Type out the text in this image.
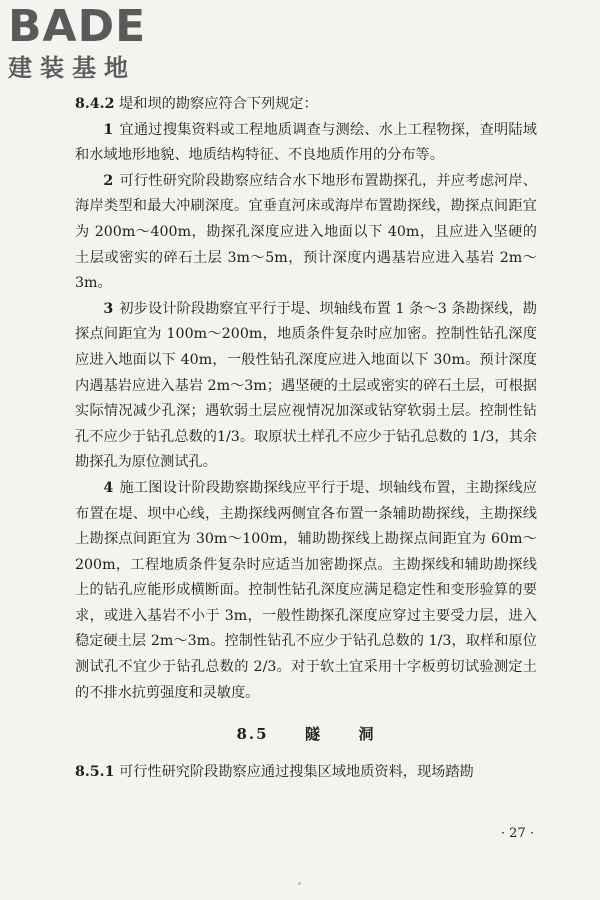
BADE
建装基地

8.4.2 堤和坝的勘察应符合下列规定：

1 宜通过搜集资料或工程地质调查与测绘、水上工程物探，查明陆域和水域地形地貌、地质结构特征、不良地质作用的分布等。

2 可行性研究阶段勘察应结合水下地形布置勘探孔，并应考虑河岸、海岸类型和最大冲刷深度。宜垂直河床或海岸布置勘探线，勘探点间距宜为 200m～400m，勘探孔深度应进入地面以下 40m，且应进入坚硬的土层或密实的碎石土层 3m～5m，预计深度内遇基岩应进入基岩 2m～3m。

3 初步设计阶段勘察宜平行于堤、坝轴线布置 1 条～3 条勘探线，勘探点间距宜为 100m～200m，地质条件复杂时应加密。控制性钻孔深度应进入地面以下 40m，一般性钻孔深度应进入地面以下 30m。预计深度内遇基岩应进入基岩 2m～3m；遇坚硬的土层或密实的碎石土层，可根据实际情况减少孔深；遇软弱土层应视情况加深或钻穿软弱土层。控制性钻孔不应少于钻孔总数的1/3。取原状土样孔不应少于钻孔总数的 1/3，其余勘探孔为原位测试孔。

4 施工图设计阶段勘察勘探线应平行于堤、坝轴线布置，主勘探线应布置在堤、坝中心线，主勘探线两侧宜各布置一条辅助勘探线，主勘探线上勘探点间距宜为 30m～100m，辅助勘探线上勘探点间距宜为 60m～200m，工程地质条件复杂时应适当加密勘探点。主勘探线和辅助勘探线上的钻孔应能形成横断面。控制性钻孔深度应满足稳定性和变形验算的要求，或进入基岩不小于 3m，一般性勘探孔深度应穿过主要受力层，进入稳定硬土层 2m～3m。控制性钻孔不应少于钻孔总数的 1/3，取样和原位测试孔不宜少于钻孔总数的 2/3。对于软土宜采用十字板剪切试验测定土的不排水抗剪强度和灵敏度。

8.5 隧 洞

8.5.1 可行性研究阶段勘察应通过搜集区域地质资料，现场踏勘

· 27 ·
